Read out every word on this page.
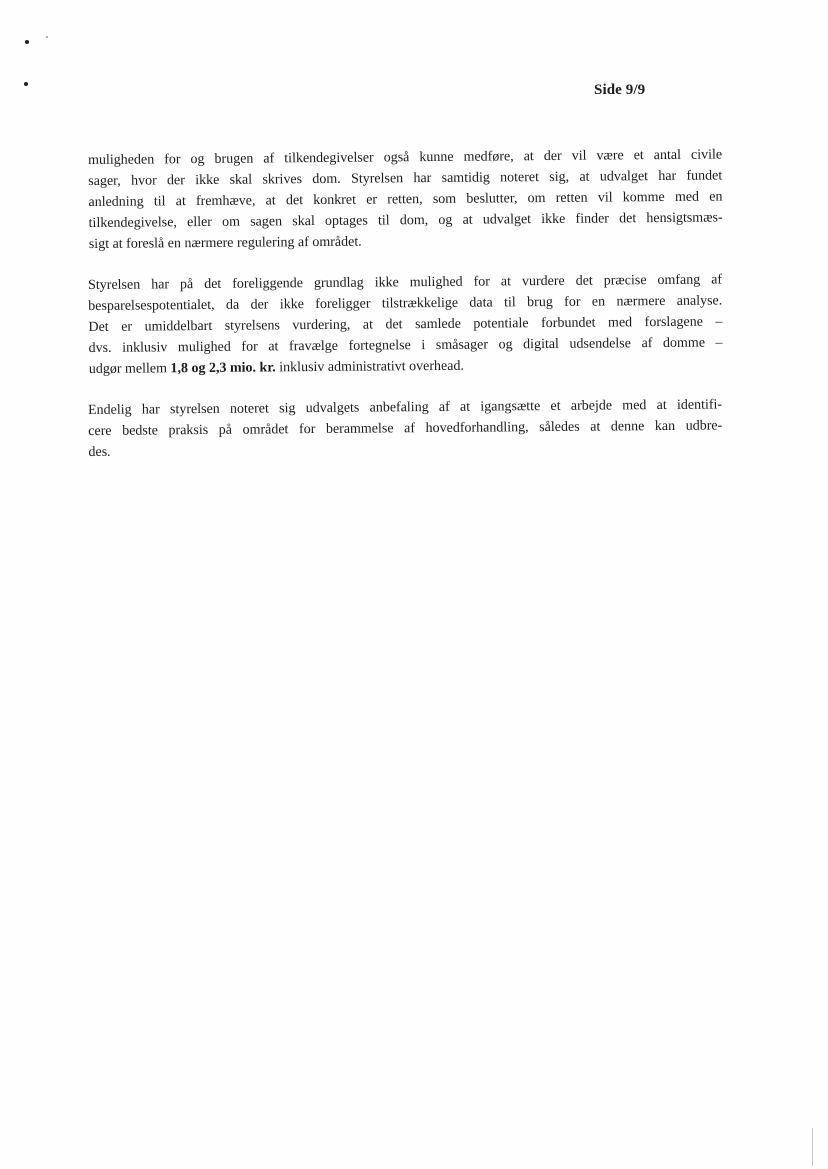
Side 9/9

muligheden for og brugen af tilkendegivelser også kunne medføre, at der vil være et antal civile
sager, hvor der ikke skal skrives dom. Styrelsen har samtidig noteret sig, at udvalget har fundet
anledning til at fremhæve, at det konkret er retten, som beslutter, om retten vil komme med en
tilkendegivelse, eller om sagen skal optages til dom, og at udvalget ikke finder det hensigtsmæs-
sigt at foreslå en nærmere regulering af området.

Styrelsen har på det foreliggende grundlag ikke mulighed for at vurdere det præcise omfang af
besparelsespotentialet, da der ikke foreligger tilstrækkelige data til brug for en nærmere analyse.
Det er umiddelbart styrelsens vurdering, at det samlede potentiale forbundet med forslagene –
dvs. inklusiv mulighed for at fravælge fortegnelse i småsager og digital udsendelse af domme –
udgør mellem 1,8 og 2,3 mio. kr. inklusiv administrativt overhead.

Endelig har styrelsen noteret sig udvalgets anbefaling af at igangsætte et arbejde med at identifi-
cere bedste praksis på området for berammelse af hovedforhandling, således at denne kan udbre-
des.
